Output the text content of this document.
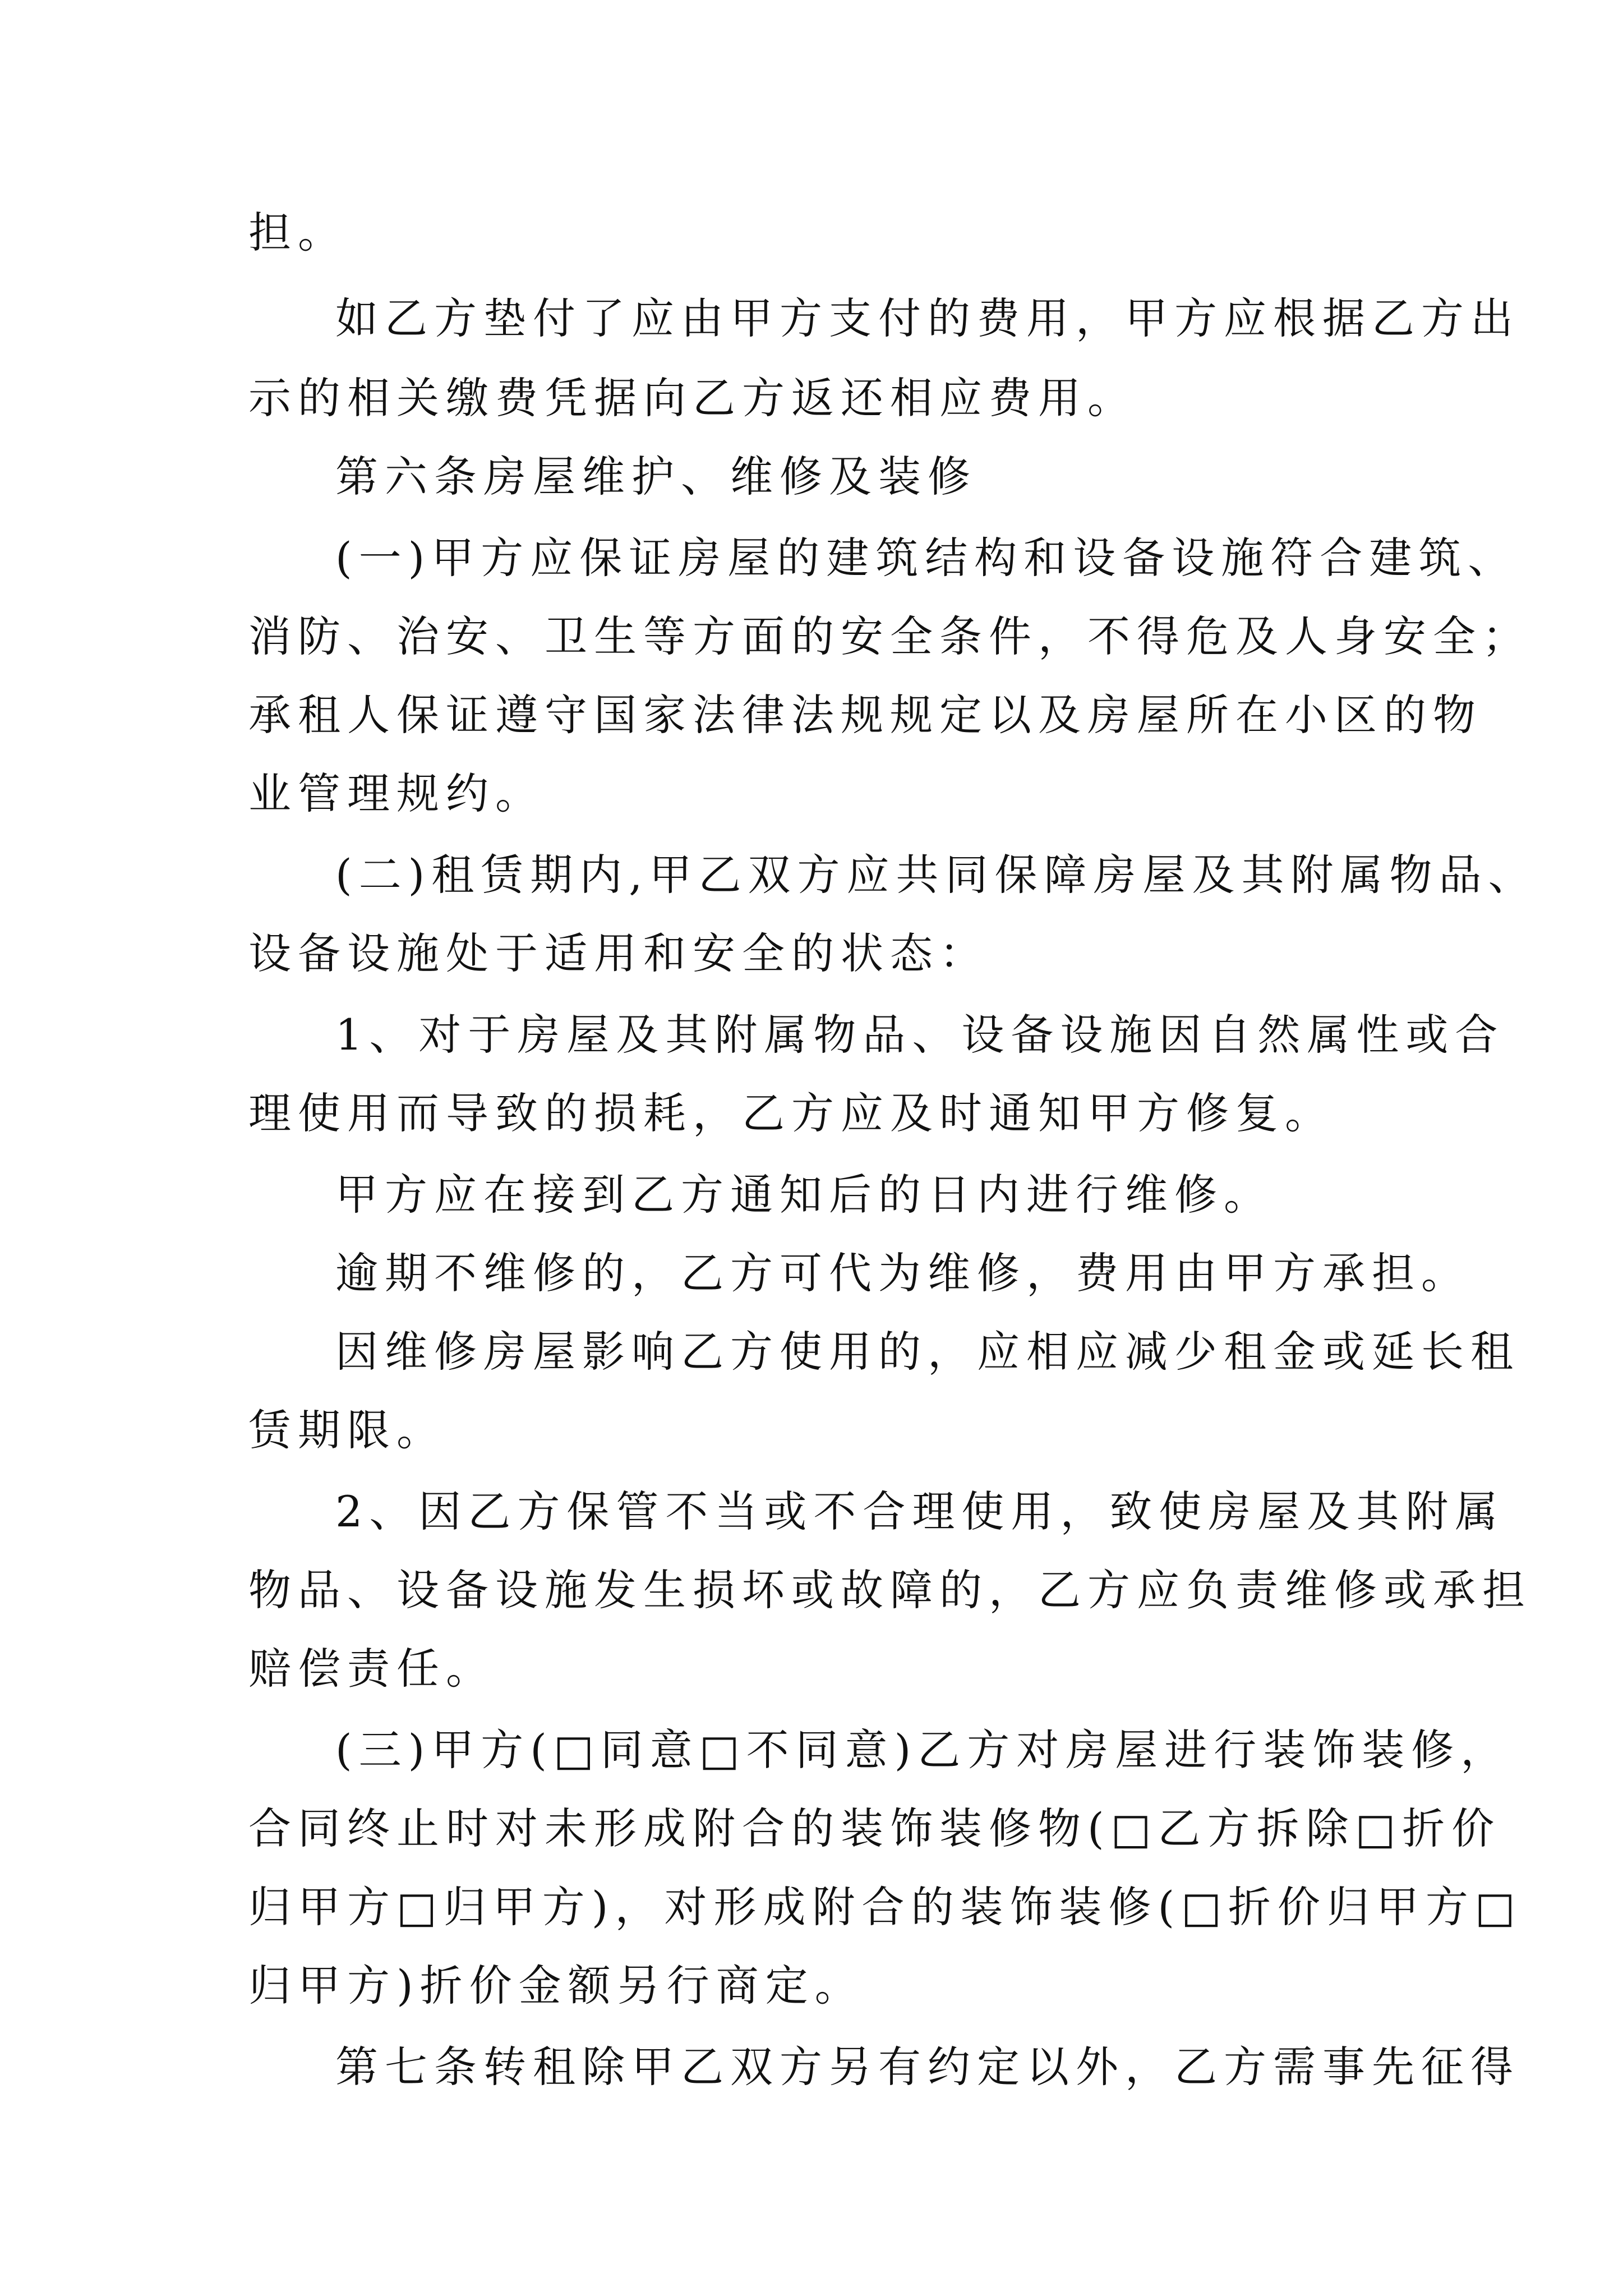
担。
如乙方垫付了应由甲方支付的费用，甲方应根据乙方出
示的相关缴费凭据向乙方返还相应费用。
第六条房屋维护、维修及装修
(一)甲方应保证房屋的建筑结构和设备设施符合建筑、
消防、治安、卫生等方面的安全条件，不得危及人身安全；
承租人保证遵守国家法律法规规定以及房屋所在小区的物
业管理规约。
(二)租赁期内,甲乙双方应共同保障房屋及其附属物品、
设备设施处于适用和安全的状态：
1、对于房屋及其附属物品、设备设施因自然属性或合
理使用而导致的损耗，乙方应及时通知甲方修复。
甲方应在接到乙方通知后的日内进行维修。
逾期不维修的，乙方可代为维修，费用由甲方承担。
因维修房屋影响乙方使用的，应相应减少租金或延长租
赁期限。
2、因乙方保管不当或不合理使用，致使房屋及其附属
物品、设备设施发生损坏或故障的，乙方应负责维修或承担
赔偿责任。
(三)甲方(□同意□不同意)乙方对房屋进行装饰装修，
合同终止时对未形成附合的装饰装修物(□乙方拆除□折价
归甲方□归甲方)，对形成附合的装饰装修(□折价归甲方□
归甲方)折价金额另行商定。
第七条转租除甲乙双方另有约定以外，乙方需事先征得
